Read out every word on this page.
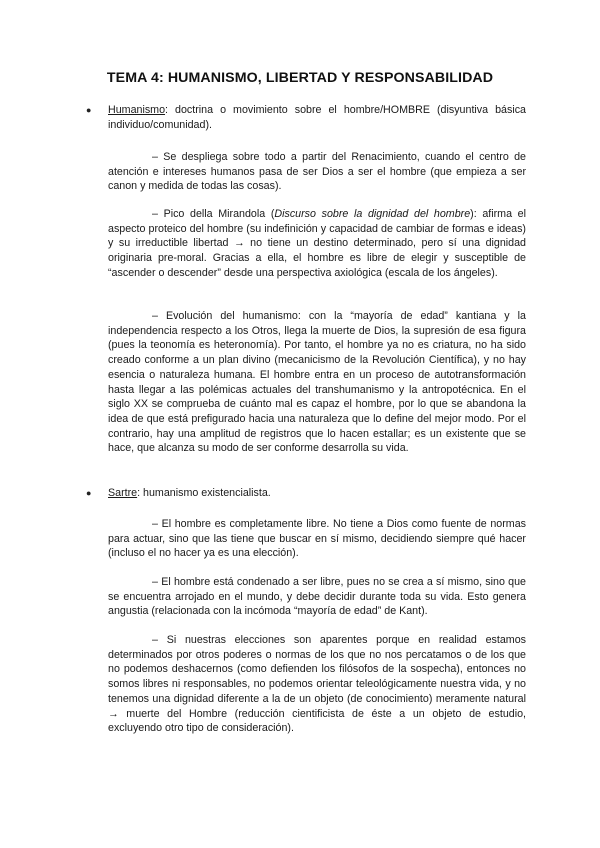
TEMA 4: HUMANISMO, LIBERTAD Y RESPONSABILIDAD
● Humanismo: doctrina o movimiento sobre el hombre/HOMBRE (disyuntiva básica individuo/comunidad).

– Se despliega sobre todo a partir del Renacimiento, cuando el centro de atención e intereses humanos pasa de ser Dios a ser el hombre (que empieza a ser canon y medida de todas las cosas).

– Pico della Mirandola (Discurso sobre la dignidad del hombre): afirma el aspecto proteico del hombre (su indefinición y capacidad de cambiar de formas e ideas) y su irreductible libertad → no tiene un destino determinado, pero sí una dignidad originaria pre-moral. Gracias a ella, el hombre es libre de elegir y susceptible de “ascender o descender” desde una perspectiva axiológica (escala de los ángeles).

– Evolución del humanismo: con la “mayoría de edad” kantiana y la independencia respecto a los Otros, llega la muerte de Dios, la supresión de esa figura (pues la teonomía es heteronomía). Por tanto, el hombre ya no es criatura, no ha sido creado conforme a un plan divino (mecanicismo de la Revolución Científica), y no hay esencia o naturaleza humana. El hombre entra en un proceso de autotransformación hasta llegar a las polémicas actuales del transhumanismo y la antropotécnica. En el siglo XX se comprueba de cuánto mal es capaz el hombre, por lo que se abandona la idea de que está prefigurado hacia una naturaleza que lo define del mejor modo. Por el contrario, hay una amplitud de registros que lo hacen estallar; es un existente que se hace, que alcanza su modo de ser conforme desarrolla su vida.

● Sartre: humanismo existencialista.

– El hombre es completamente libre. No tiene a Dios como fuente de normas para actuar, sino que las tiene que buscar en sí mismo, decidiendo siempre qué hacer (incluso el no hacer ya es una elección).

– El hombre está condenado a ser libre, pues no se crea a sí mismo, sino que se encuentra arrojado en el mundo, y debe decidir durante toda su vida. Esto genera angustia (relacionada con la incómoda “mayoría de edad” de Kant).

– Si nuestras elecciones son aparentes porque en realidad estamos determinados por otros poderes o normas de los que no nos percatamos o de los que no podemos deshacernos (como defienden los filósofos de la sospecha), entonces no somos libres ni responsables, no podemos orientar teleológicamente nuestra vida, y no tenemos una dignidad diferente a la de un objeto (de conocimiento) meramente natural → muerte del Hombre (reducción cientificista de éste a un objeto de estudio, excluyendo otro tipo de consideración).
